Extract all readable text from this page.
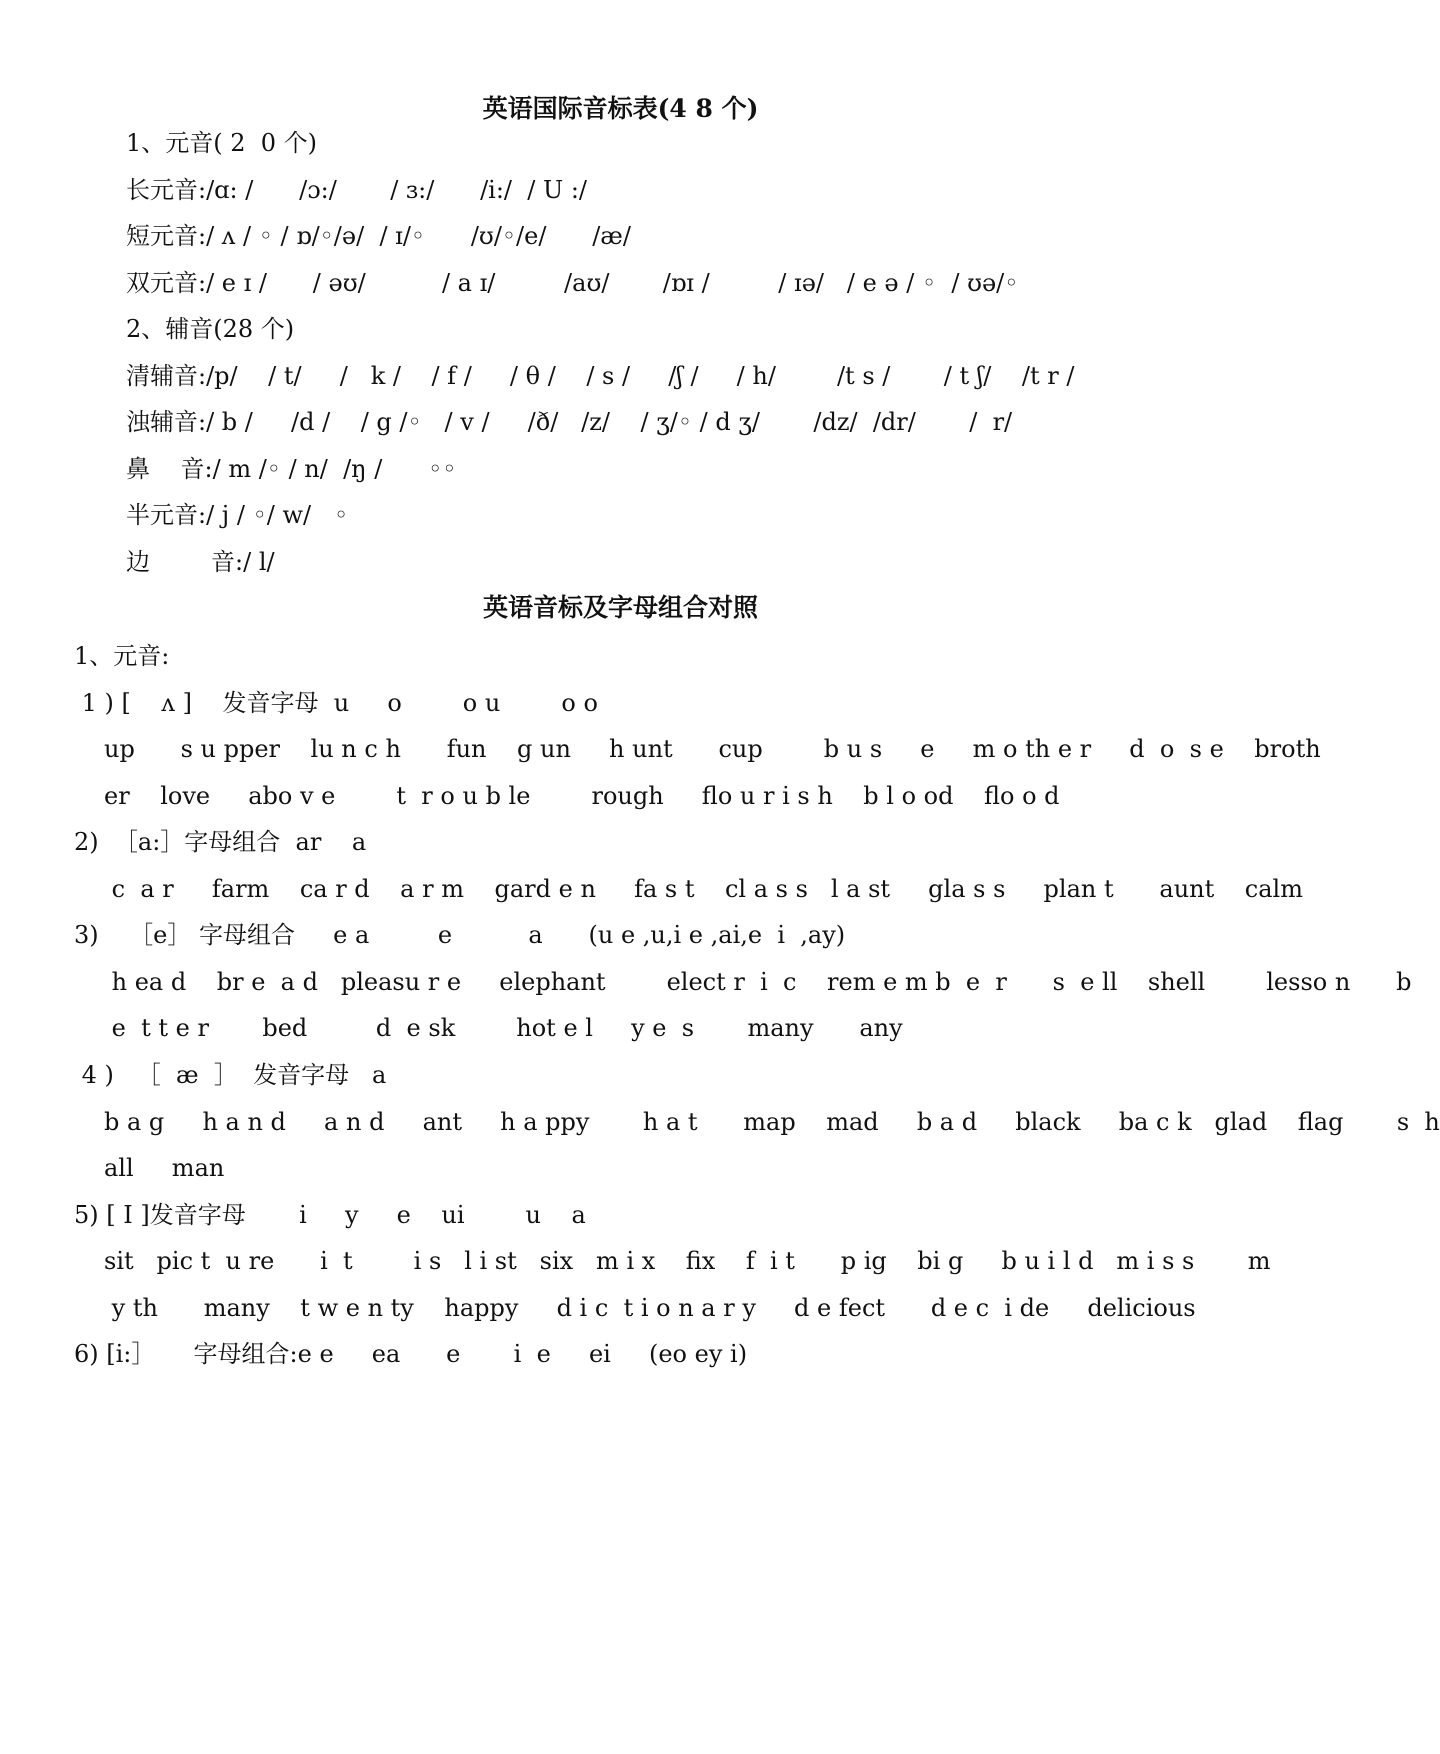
英语国际音标表(4 8 个)
1、元音( 2  0 个)
长元音:/ɑ: /      /ɔ:/       / ɜ:/      /i:/  / U :/
短元音:/ ʌ / ◦ / ɒ/◦/ə/  / ɪ/◦      /ʊ/◦/e/      /æ/
双元音:/ e ɪ /      / əʊ/          / a ɪ/         /aʊ/       /ɒɪ /         / ɪə/   / e ə / ◦  / ʊə/◦
2、辅音(28 个)
清辅音:/p/    / t/     /   k /    / f /     / θ /    / s /     /ʃ /     / h/        /t s /       / t ʃ/    /t r /
浊辅音:/ b /     /d /    / g /◦   / v /     /ð/   /z/    / ʒ/◦ / d ʒ/       /dz/  /dr/       /  r/
鼻    音:/ m /◦ / n/  /ŋ /      ◦◦
半元音:/ j / ◦/ w/   ◦
边        音:/ l/
英语音标及字母组合对照
1、元音:
1 ) [    ʌ ]    发音字母  u     o        o u        o o
up      s u pper    lu n c h      fun    g un     h unt      cup        b u s     e     m o th e r     d  o  s e    broth
er    love     abo v e        t  r o u b le        rough     flo u r i s h    b l o od    flo o d
2)  ［a:］字母组合  ar    a
c  a r     farm    ca r d    a r m    gard e n     fa s t    cl a s s   l a st     gla s s     plan t      aunt    calm
3)    ［e］ 字母组合     e a         e          a      (u e ,u,i e ,ai,e  i  ,ay)
h ea d    br e  a d   pleasu r e     elephant        elect r  i  c    rem e m b  e  r      s  e ll    shell        lesso n      b
e  t t e r       bed         d  e sk        hot e l     y e  s       many      any
4 )   ［  æ  ］  发音字母   a
b a g     h a n d     a n d     ant     h a ppy       h a t      map    mad     b a d     black     ba c k   glad    flag       s  h
all     man
5) [ I ]发音字母       i     y     e    ui        u    a
sit   pic t  u re      i  t        i s   l i st   six   m i x    fix    f  i t      p ig    bi g     b u i l d   m i s s       m
y th      many    t w e n ty    happy     d i c  t i o n a r y     d e fect      d e c  i de     delicious
6) [i:］     字母组合:e e     ea      e       i  e     ei     (eo ey i)
